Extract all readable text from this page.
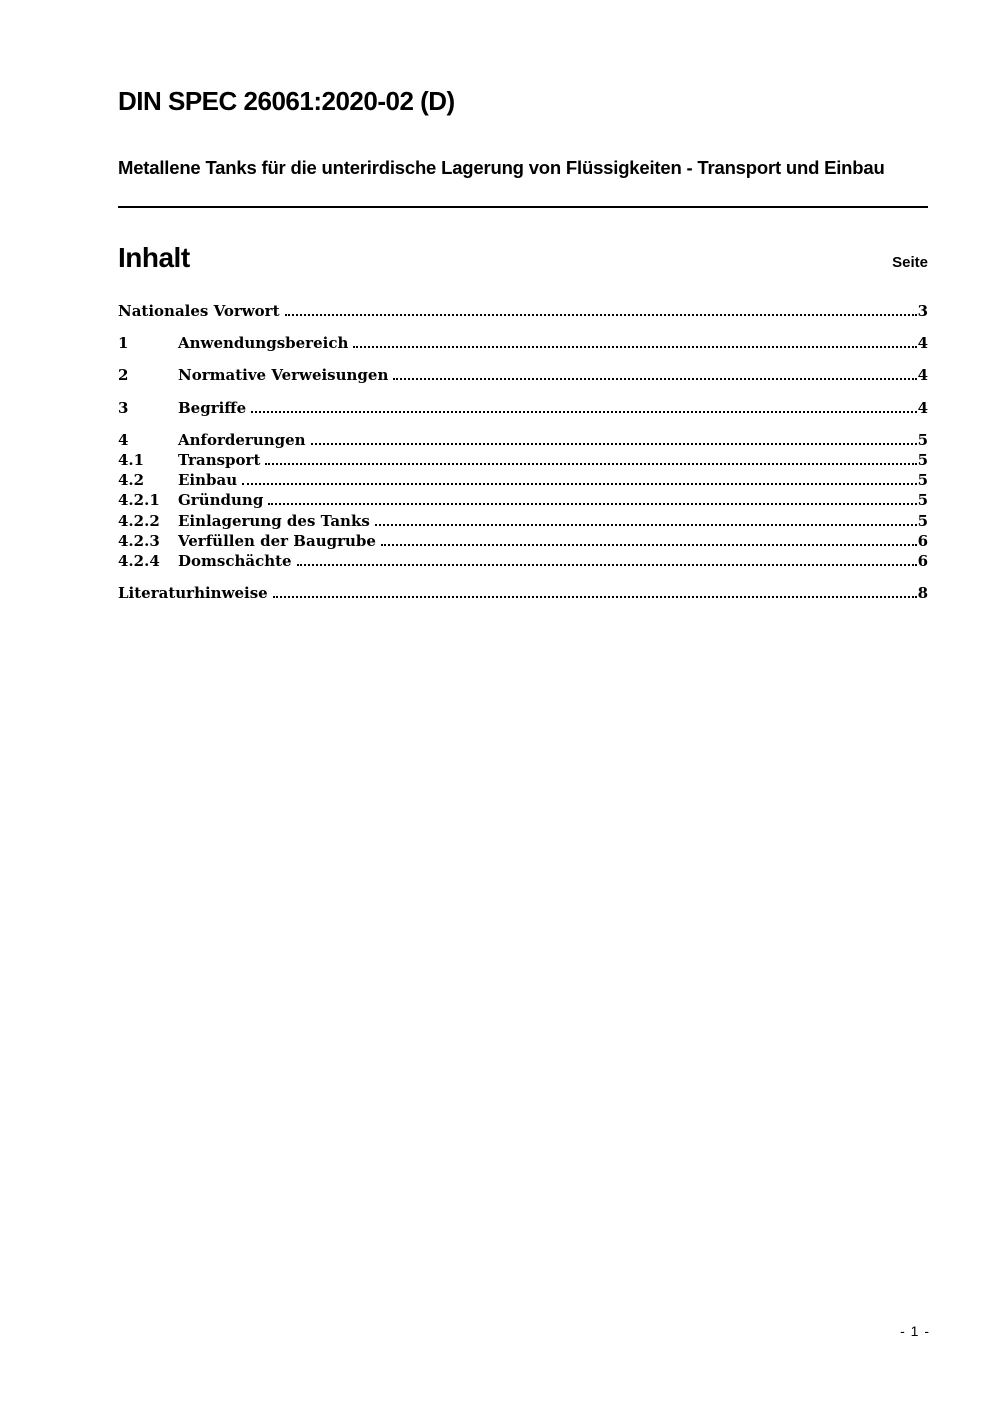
DIN SPEC 26061:2020-02 (D)
Metallene Tanks für die unterirdische Lagerung von Flüssigkeiten - Transport und Einbau
Inhalt	Seite
Nationales Vorwort	3
1	Anwendungsbereich	4
2	Normative Verweisungen	4
3	Begriffe	4
4	Anforderungen	5
4.1	Transport	5
4.2	Einbau	5
4.2.1	Gründung	5
4.2.2	Einlagerung des Tanks	5
4.2.3	Verfüllen der Baugrube	6
4.2.4	Domschächte	6
Literaturhinweise	8
- 1 -
